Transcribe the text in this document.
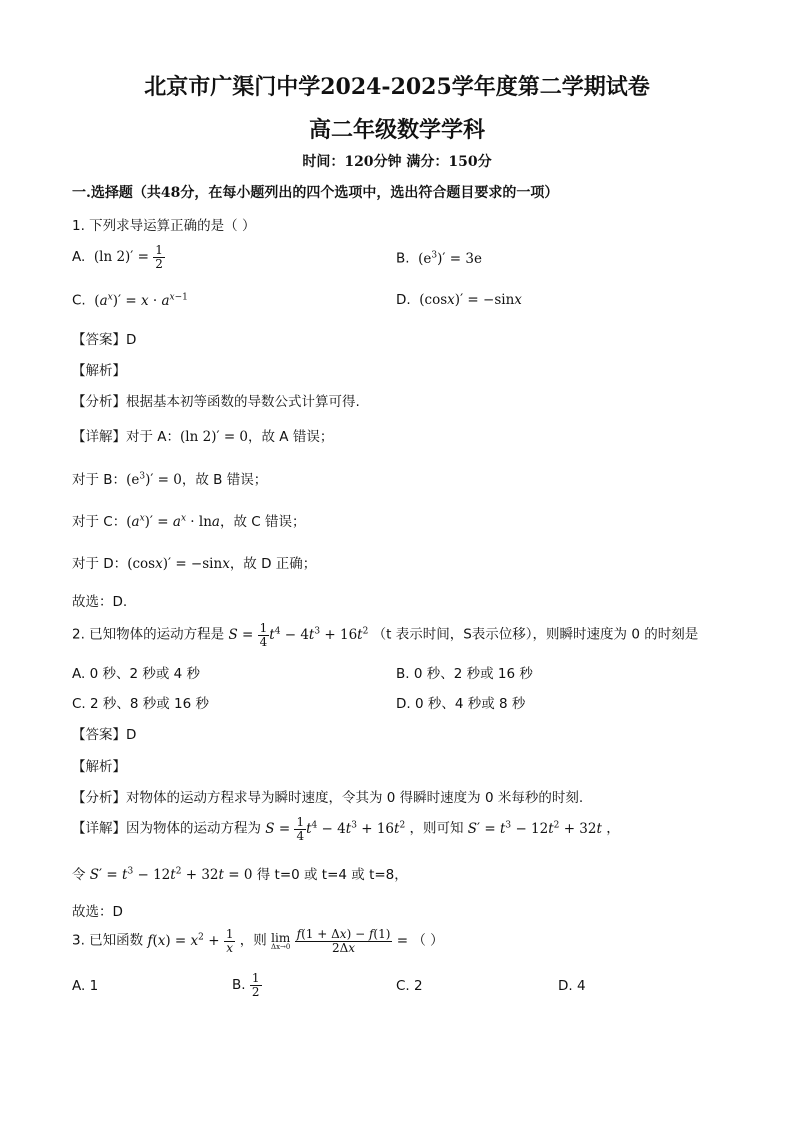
北京市广渠门中学2024-2025学年度第二学期试卷
高二年级数学学科
时间：120分钟 满分：150分
一.选择题（共48分，在每小题列出的四个选项中，选出符合题目要求的一项）
1. 下列求导运算正确的是（ ）
A.  (ln $2)' = \frac{1}{2}$	B.  $(e^3)' = 3e$
C.  $(a^x)' = x \cdot a^{x-1}$	D.  (cosx)′ = −sinx
【答案】D
【解析】
【分析】根据基本初等函数的导数公式计算可得.
【详解】对于 A：(ln 2)′ = 0，故 A 错误；
对于 B：$(e^3)' = 0$，故 B 错误；
对于 C：$(a^x)' = a^x \cdot \ln a$，故 C 错误；
对于 D：(cosx)′ = −sinx，故 D 正确；
故选：D.
2. 已知物体的运动方程是 $S = \frac{1}{4} t^4 - 4t^3 + 16t^2$ （t 表示时间，S表示位移），则瞬时速度为 0 的时刻是
A. 0 秒、2 秒或 4 秒	B. 0 秒、2 秒或 16 秒
C. 2 秒、8 秒或 16 秒	D. 0 秒、4 秒或 8 秒
【答案】D
【解析】
【分析】对物体的运动方程求导为瞬时速度，令其为 0 得瞬时速度为 0 米每秒的时刻.
【详解】因为物体的运动方程为 $S = \frac{1}{4} t^4 - 4t^3 + 16t^2$ ，则可知 $S' = t^3 - 12t^2 + 32t$ ，
令 $S' = t^3 - 12t^2 + 32t = 0$ 得 t=0 或 t=4 或 t=8，
故选：D
3. 已知函数 $f(x) = x^2 + \frac{1}{x}$ ，则 lim
Δx→0
$\frac{f(1 + \Delta x) - f(1)}{2\Delta x}$ = （ ）
A. 1	B. $\frac{1}{2}$	C. 2	D. 4
